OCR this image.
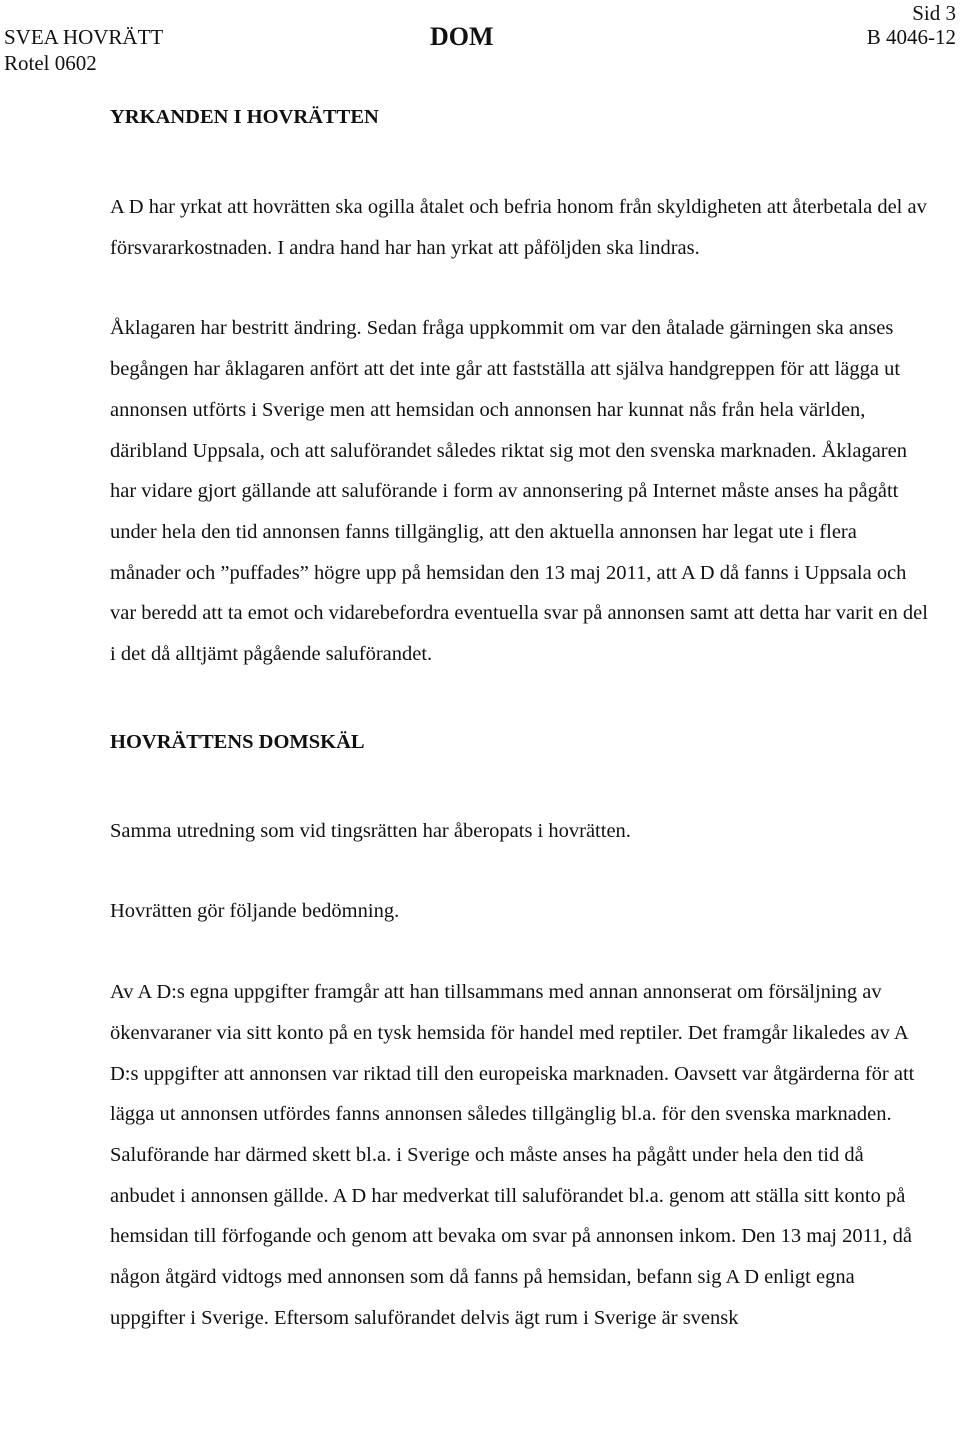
SVEA HOVRÄTT
Rotel 0602
DOM
Sid 3
B 4046-12
YRKANDEN I HOVRÄTTEN

A D har yrkat att hovrätten ska ogilla åtalet och befria honom från skyldigheten att återbetala del av försvararkostnaden. I andra hand har han yrkat att påföljden ska lindras.

Åklagaren har bestritt ändring. Sedan fråga uppkommit om var den åtalade gärningen ska anses begången har åklagaren anfört att det inte går att fastställa att själva handgreppen för att lägga ut annonsen utförts i Sverige men att hemsidan och annonsen har kunnat nås från hela världen, däribland Uppsala, och att saluförandet således riktat sig mot den svenska marknaden. Åklagaren har vidare gjort gällande att saluförande i form av annonsering på Internet måste anses ha pågått under hela den tid annonsen fanns tillgänglig, att den aktuella annonsen har legat ute i flera månader och ”puffades” högre upp på hemsidan den 13 maj 2011, att A D då fanns i Uppsala och var beredd att ta emot och vidarebefordra eventuella svar på annonsen samt att detta har varit en del i det då alltjämt pågående saluförandet.

HOVRÄTTENS DOMSKÄL

Samma utredning som vid tingsrätten har åberopats i hovrätten.

Hovrätten gör följande bedömning.

Av A D:s egna uppgifter framgår att han tillsammans med annan annonserat om försäljning av ökenvaraner via sitt konto på en tysk hemsida för handel med reptiler. Det framgår likaledes av A D:s uppgifter att annonsen var riktad till den europeiska marknaden. Oavsett var åtgärderna för att lägga ut annonsen utfördes fanns annonsen således tillgänglig bl.a. för den svenska marknaden. Saluförande har därmed skett bl.a. i Sverige och måste anses ha pågått under hela den tid då anbudet i annonsen gällde. A D har medverkat till saluförandet bl.a. genom att ställa sitt konto på hemsidan till förfogande och genom att bevaka om svar på annonsen inkom. Den 13 maj 2011, då någon åtgärd vidtogs med annonsen som då fanns på hemsidan, befann sig A D enligt egna uppgifter i Sverige. Eftersom saluförandet delvis ägt rum i Sverige är svensk
